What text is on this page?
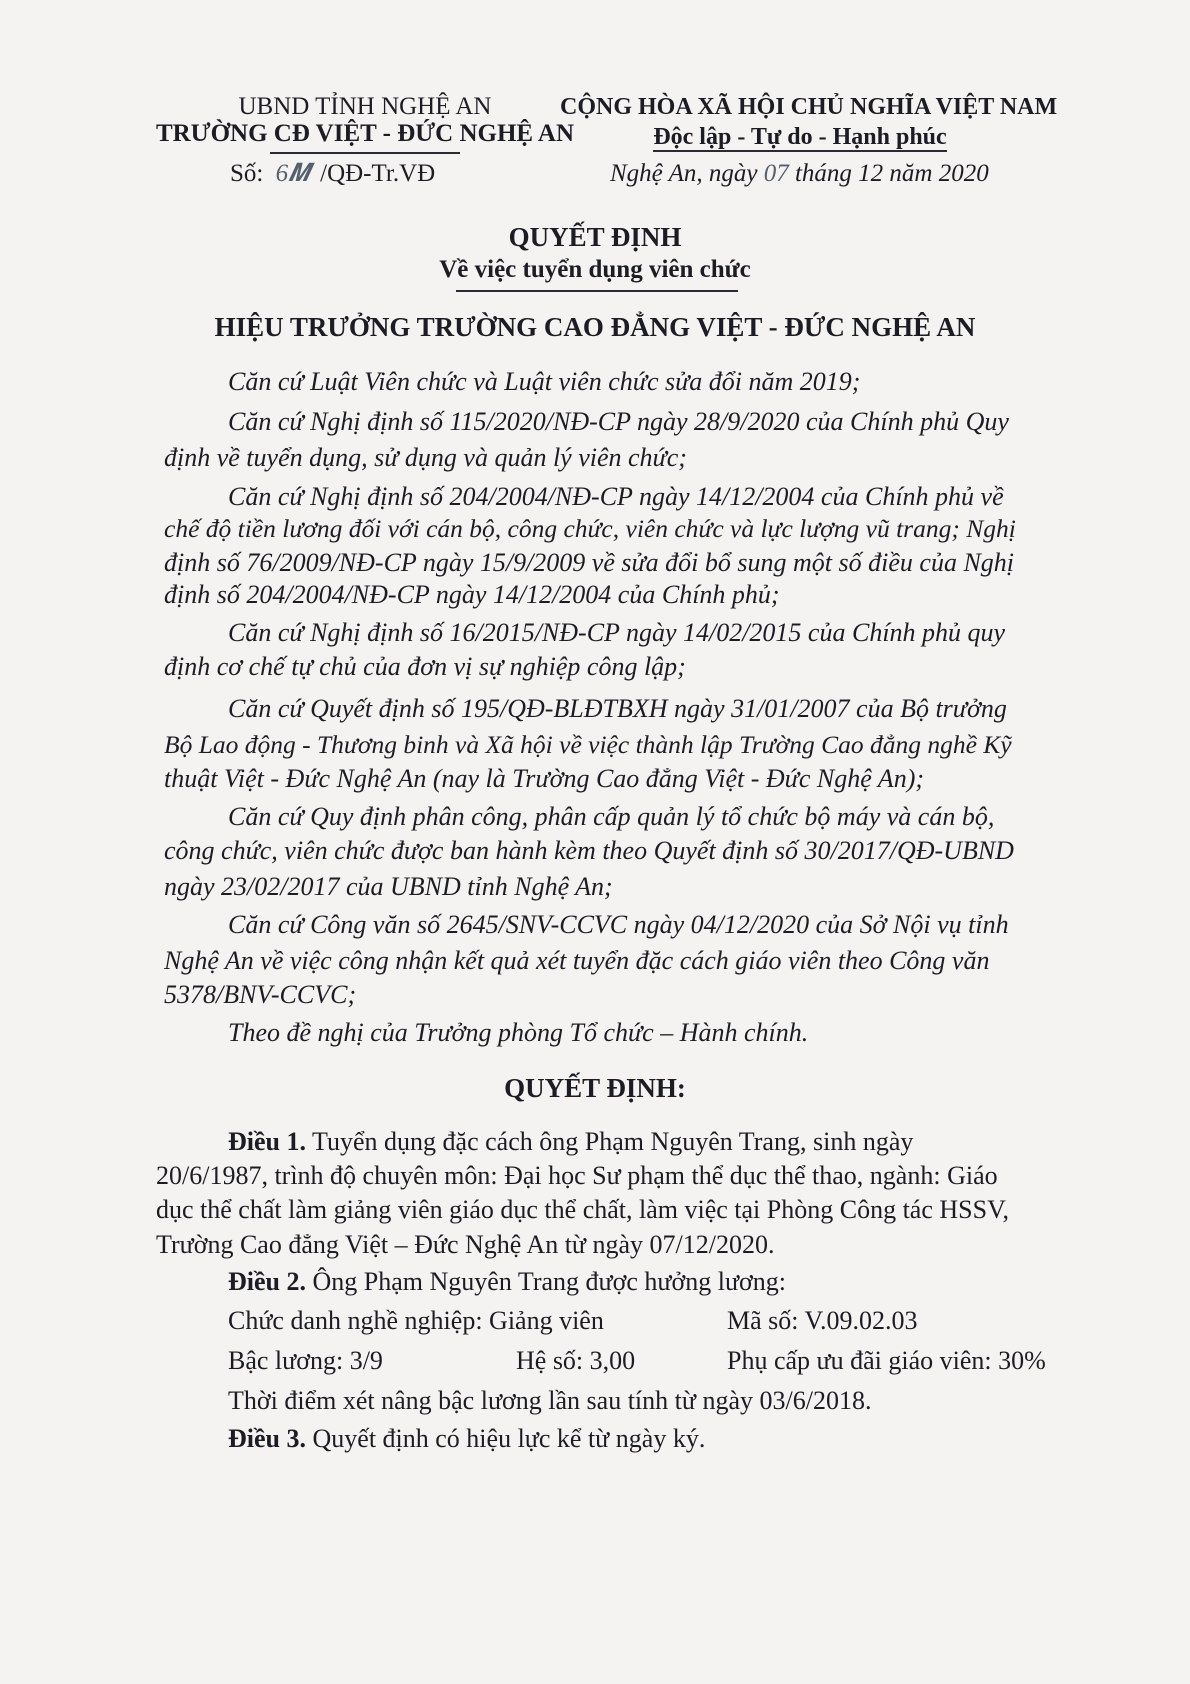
UBND TỈNH NGHỆ AN
TRƯỜNG CĐ VIỆT - ĐỨC NGHỆ AN
Số: 6𝑴 /QĐ-Tr.VĐ
CỘNG HÒA XÃ HỘI CHỦ NGHĨA VIỆT NAM
Độc lập - Tự do - Hạnh phúc
Nghệ An, ngày 07 tháng 12 năm 2020
QUYẾT ĐỊNH
Về việc tuyển dụng viên chức
HIỆU TRƯỞNG TRƯỜNG CAO ĐẲNG VIỆT - ĐỨC NGHỆ AN
Căn cứ Luật Viên chức và Luật viên chức sửa đổi năm 2019;
Căn cứ Nghị định số 115/2020/NĐ-CP ngày 28/9/2020 của Chính phủ Quy
định về tuyển dụng, sử dụng và quản lý viên chức;
Căn cứ Nghị định số 204/2004/NĐ-CP ngày 14/12/2004 của Chính phủ về
chế độ tiền lương đối với cán bộ, công chức, viên chức và lực lượng vũ trang; Nghị
định số 76/2009/NĐ-CP ngày 15/9/2009 về sửa đổi bổ sung một số điều của Nghị
định số 204/2004/NĐ-CP ngày 14/12/2004 của Chính phủ;
Căn cứ Nghị định số 16/2015/NĐ-CP ngày 14/02/2015 của Chính phủ quy
định cơ chế tự chủ của đơn vị sự nghiệp công lập;
Căn cứ Quyết định số 195/QĐ-BLĐTBXH ngày 31/01/2007 của Bộ trưởng
Bộ Lao động - Thương binh và Xã hội về việc thành lập Trường Cao đẳng nghề Kỹ
thuật Việt - Đức Nghệ An (nay là Trường Cao đẳng Việt - Đức Nghệ An);
Căn cứ Quy định phân công, phân cấp quản lý tổ chức bộ máy và cán bộ,
công chức, viên chức được ban hành kèm theo Quyết định số 30/2017/QĐ-UBND
ngày 23/02/2017 của UBND tỉnh Nghệ An;
Căn cứ Công văn số 2645/SNV-CCVC ngày 04/12/2020 của Sở Nội vụ tỉnh
Nghệ An về việc công nhận kết quả xét tuyển đặc cách giáo viên theo Công văn
5378/BNV-CCVC;
Theo đề nghị của Trưởng phòng Tổ chức – Hành chính.
QUYẾT ĐỊNH:
Điều 1. Tuyển dụng đặc cách ông Phạm Nguyên Trang, sinh ngày
20/6/1987, trình độ chuyên môn: Đại học Sư phạm thể dục thể thao, ngành: Giáo
dục thể chất làm giảng viên giáo dục thể chất, làm việc tại Phòng Công tác HSSV,
Trường Cao đẳng Việt – Đức Nghệ An từ ngày 07/12/2020.
Điều 2. Ông Phạm Nguyên Trang được hưởng lương:
Chức danh nghề nghiệp: Giảng viên	Mã số: V.09.02.03
Bậc lương: 3/9	Hệ số: 3,00	Phụ cấp ưu đãi giáo viên: 30%
Thời điểm xét nâng bậc lương lần sau tính từ ngày 03/6/2018.
Điều 3. Quyết định có hiệu lực kể từ ngày ký.
